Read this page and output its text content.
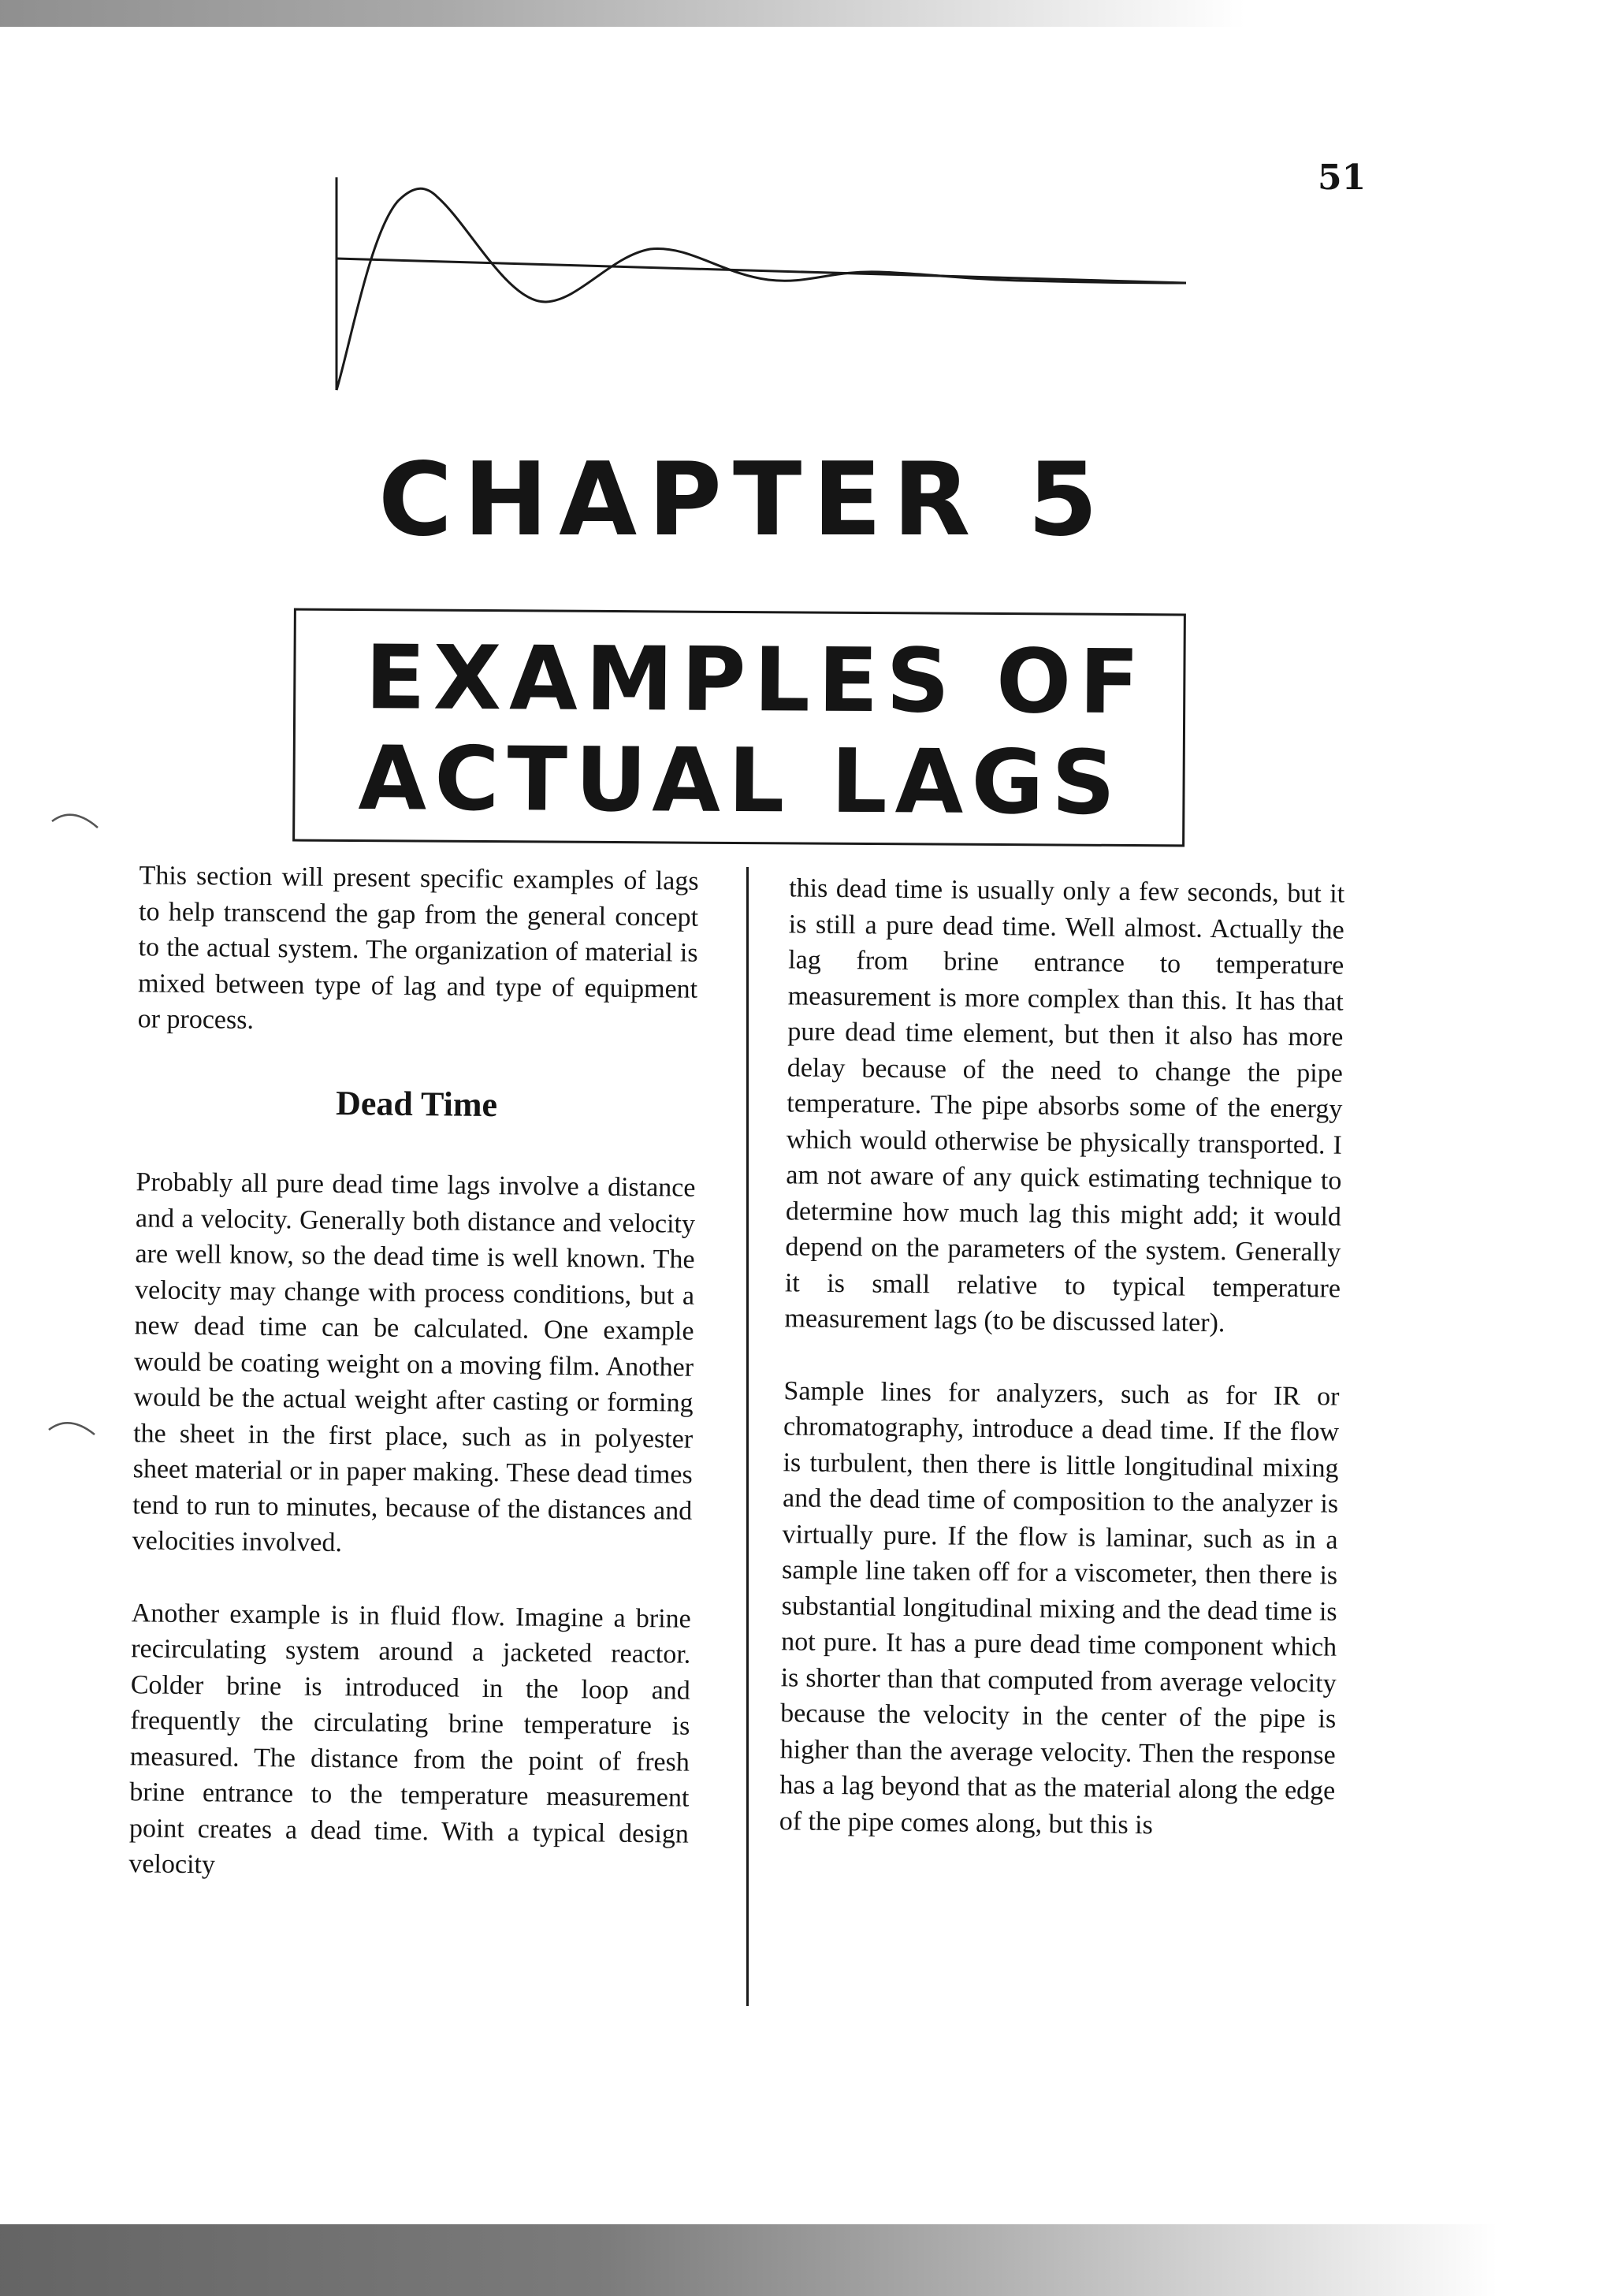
51
CHAPTER 5
EXAMPLES OF
ACTUAL LAGS

This section will present specific examples of lags to help transcend the gap from the general concept to the actual system. The organization of material is mixed between type of lag and type of equipment or process.

Dead Time

Probably all pure dead time lags involve a distance and a velocity. Generally both distance and velocity are well know, so the dead time is well known. The velocity may change with process conditions, but a new dead time can be calculated. One example would be coating weight on a moving film. Another would be the actual weight after casting or forming the sheet in the first place, such as in polyester sheet material or in paper making. These dead times tend to run to minutes, because of the distances and velocities involved.

Another example is in fluid flow. Imagine a brine recirculating system around a jacketed reactor. Colder brine is introduced in the loop and frequently the circulating brine temperature is measured. The distance from the point of fresh brine entrance to the temperature measurement point creates a dead time. With a typical design velocity

this dead time is usually only a few seconds, but it is still a pure dead time. Well almost. Actually the lag from brine entrance to temperature measurement is more complex than this. It has that pure dead time element, but then it also has more delay because of the need to change the pipe temperature. The pipe absorbs some of the energy which would otherwise be physically transported. I am not aware of any quick estimating technique to determine how much lag this might add; it would depend on the parameters of the system. Generally it is small relative to typical temperature measurement lags (to be discussed later).

Sample lines for analyzers, such as for IR or chromatography, introduce a dead time. If the flow is turbulent, then there is little longitudinal mixing and the dead time of composition to the analyzer is virtually pure. If the flow is laminar, such as in a sample line taken off for a viscometer, then there is substantial longitudinal mixing and the dead time is not pure. It has a pure dead time component which is shorter than that computed from average velocity because the velocity in the center of the pipe is higher than the average velocity. Then the response has a lag beyond that as the material along the edge of the pipe comes along, but this is
